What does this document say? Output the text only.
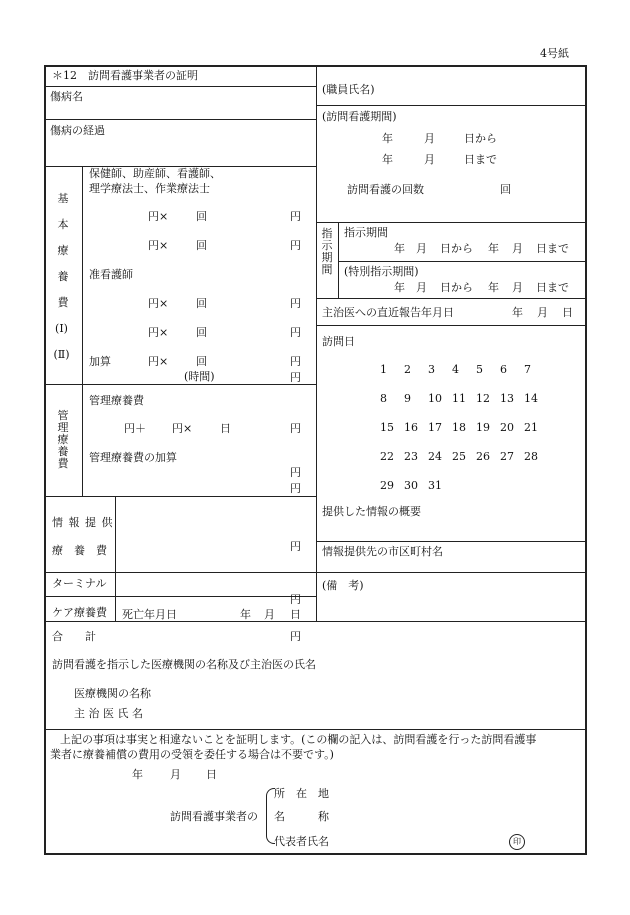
4号紙
＊12　訪問看護事業者の証明
傷病名
傷病の経過
基
本
療
養
費
(Ⅰ)
(Ⅱ)
保健師、助産師、看護師、
理学療法士、作業療法士
円×	回	円
円×	回	円
准看護師
円×	回	円
円×	回	円
加算	円×	回	円
(時間)	円
管
理
療
養
費
管理療養費
円＋ 円×	日	円
管理療養費の加算
円
円
情 報 提 供
療　養　費	円
ターミナル
ケア療養費
円
死亡年月日	年 月 日
合　　計	円
(職員氏名)
(訪問看護期間)
年	月	日から
年	月	日まで
訪問看護の回数	回
指
示
期
間
指示期間
年 月 日から 年 月 日まで
(特別指示期間)
年 月 日から 年 月 日まで
主治医への直近報告年月日	年 月 日
訪問日
1 2 3 4 5 6 7
8 9 10 11 12 13 14
15 16 17 18 19 20 21
22 23 24 25 26 27 28
29 30 31
提供した情報の概要
情報提供先の市区町村名
(備　考)
訪問看護を指示した医療機関の名称及び主治医の氏名
医療機関の名称
主 治 医 氏 名
上記の事項は事実と相違ないことを証明します。(この欄の記入は、訪問看護を行った訪問看護事
業者に療養補償の費用の受領を委任する場合は不要です。)
年 月 日
訪問看護事業者の
所　在　地
名　　　称
代表者氏名	印
